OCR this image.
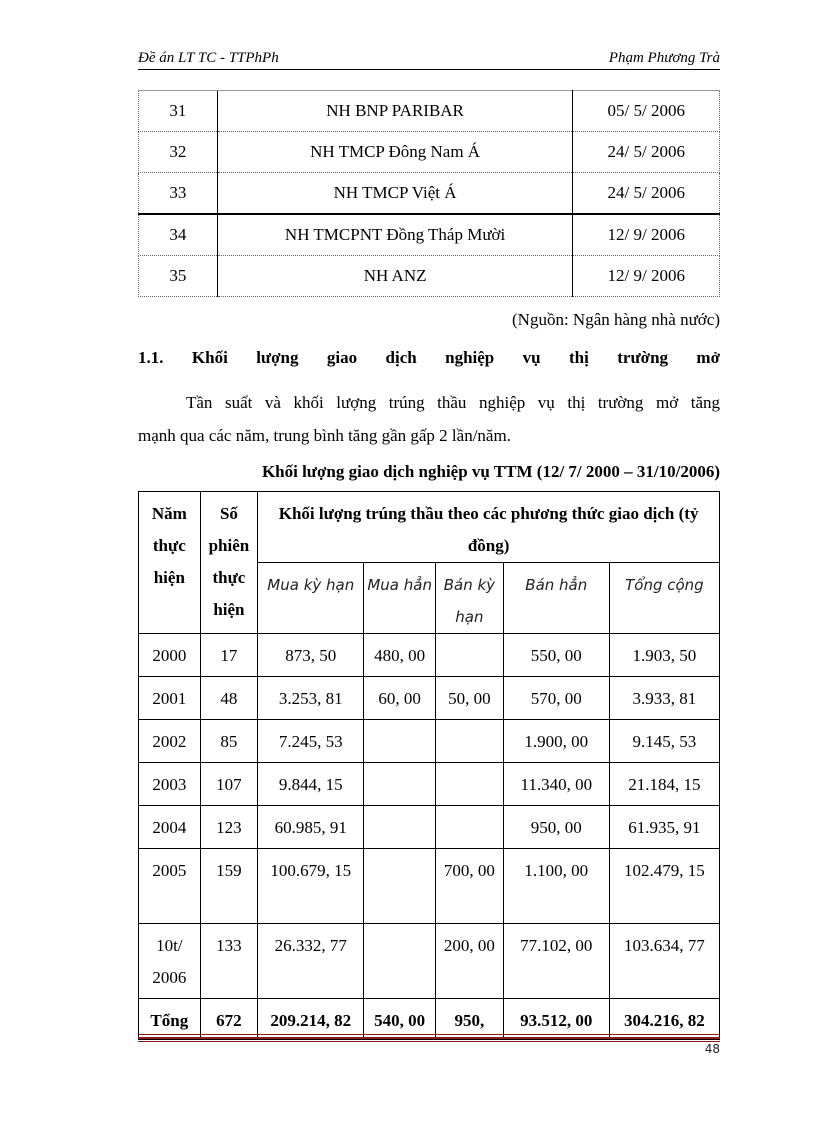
Đề án LT TC - TTPhPh	Phạm Phương Trà
31	NH BNP PARIBAR	05/ 5/ 2006
32	NH TMCP Đông Nam Á	24/ 5/ 2006
33	NH TMCP Việt Á	24/ 5/ 2006
34	NH TMCPNT Đồng Tháp Mười	12/ 9/ 2006
35	NH ANZ	12/ 9/ 2006
(Nguồn: Ngân hàng nhà nước)
1.1. Khối lượng giao dịch nghiệp vụ thị trường mở
Tần suất và khối lượng trúng thầu nghiệp vụ thị trường mở tăng
mạnh qua các năm, trung bình tăng gần gấp 2 lần/năm.
Khối lượng giao dịch nghiệp vụ TTM (12/ 7/ 2000 – 31/10/2006)
Năm thực hiện	Số phiên thực hiện	Khối lượng trúng thầu theo các phương thức giao dịch (tỷ đồng)				
		Mua kỳ hạn	Mua hẳn	Bán kỳ hạn	Bán hẳn	Tổng cộng
2000	17	873, 50	480, 00		550, 00	1.903, 50
2001	48	3.253, 81	60, 00	50, 00	570, 00	3.933, 81
2002	85	7.245, 53			1.900, 00	9.145, 53
2003	107	9.844, 15			11.340, 00	21.184, 15
2004	123	60.985, 91			950, 00	61.935, 91
2005	159	100.679, 15		700, 00	1.100, 00	102.479, 15
10t/ 2006	133	26.332, 77		200, 00	77.102, 00	103.634, 77
Tổng	672	209.214, 82	540, 00	950,	93.512, 00	304.216, 82
48
